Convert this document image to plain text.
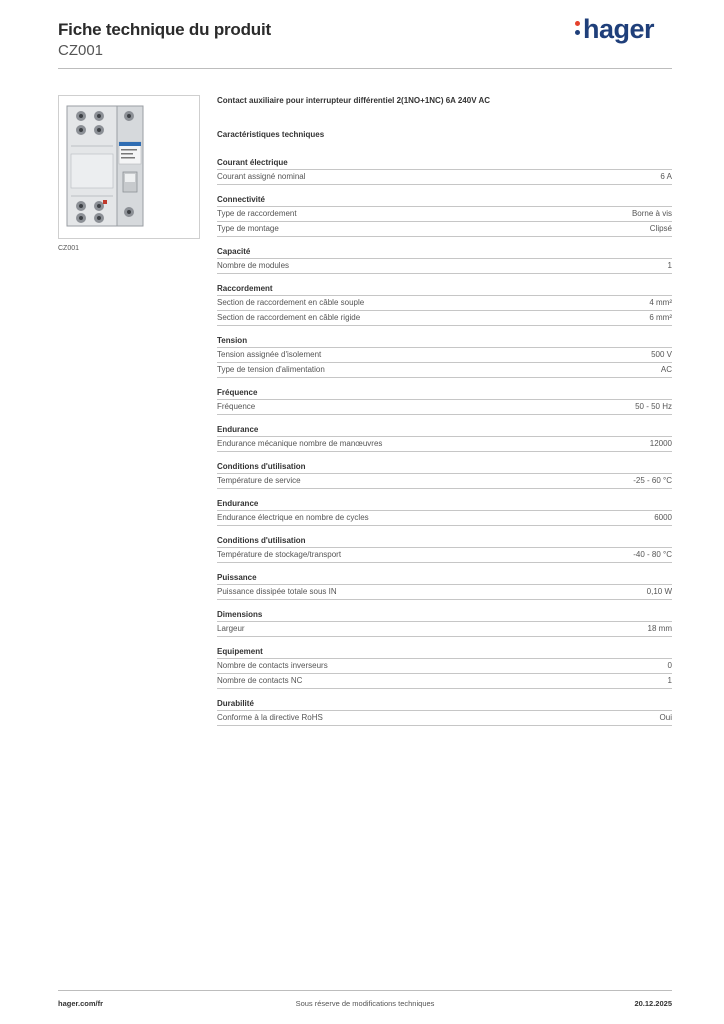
Fiche technique du produit
CZ001
hager
CZ001
Contact auxiliaire pour interrupteur différentiel 2(1NO+1NC) 6A 240V AC
Caractéristiques techniques
Courant électrique
Courant assigné nominal	6 A
Connectivité
Type de raccordement	Borne à vis
Type de montage	Clipsé
Capacité
Nombre de modules	1
Raccordement
Section de raccordement en câble souple	4 mm²
Section de raccordement en câble rigide	6 mm²
Tension
Tension assignée d'isolement	500 V
Type de tension d'alimentation	AC
Fréquence
Fréquence	50 - 50 Hz
Endurance
Endurance mécanique nombre de manœuvres	12000
Conditions d'utilisation
Température de service	-25 - 60 °C
Endurance
Endurance électrique en nombre de cycles	6000
Conditions d'utilisation
Température de stockage/transport	-40 - 80 °C
Puissance
Puissance dissipée totale sous IN	0,10 W
Dimensions
Largeur	18 mm
Equipement
Nombre de contacts inverseurs	0
Nombre de contacts NC	1
Durabilité
Conforme à la directive RoHS	Oui
hager.com/fr	Sous réserve de modifications techniques	20.12.2025
